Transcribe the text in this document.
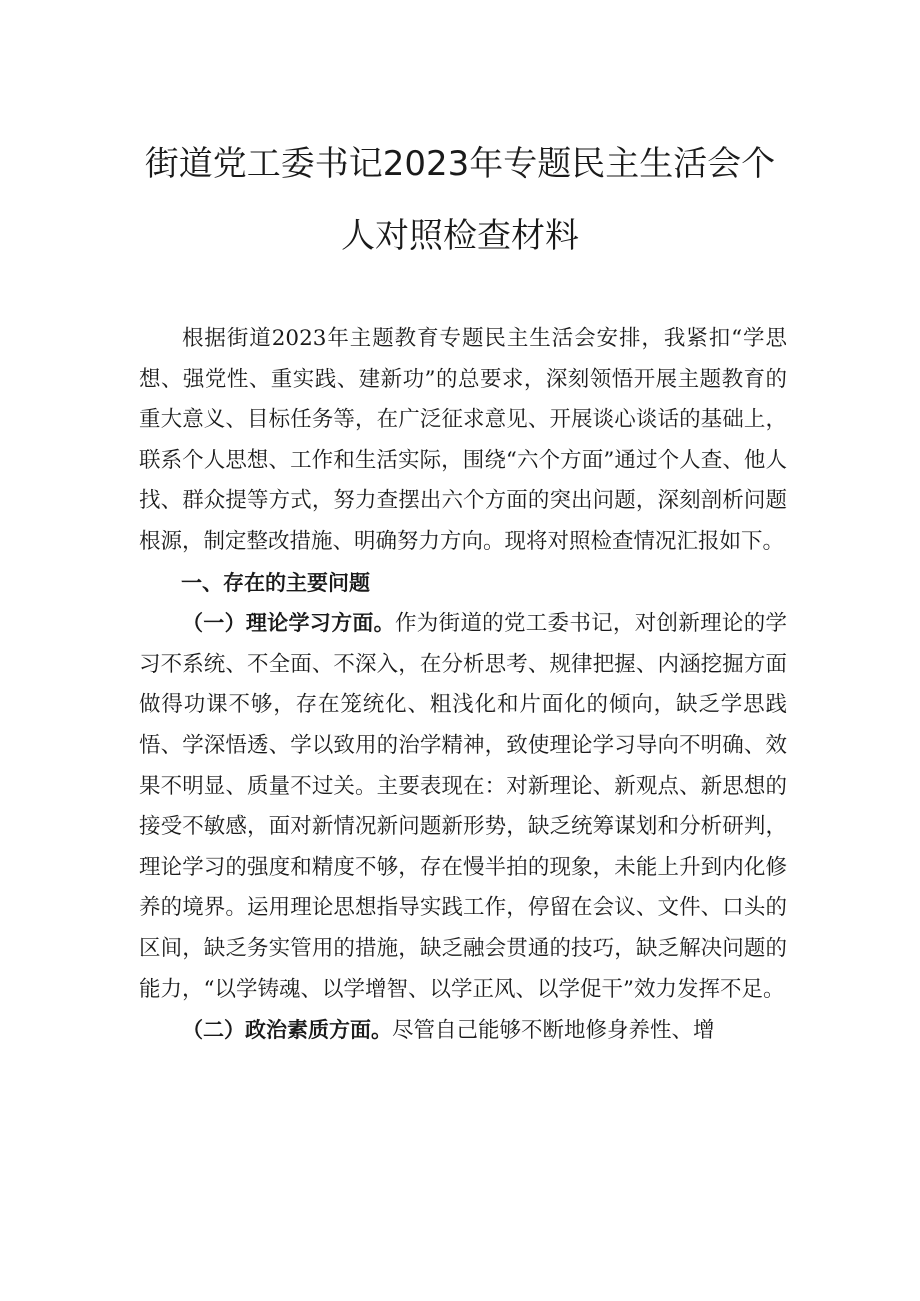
街道党工委书记2023年专题民主生活会个
人对照检查材料

根据街道2023年主题教育专题民主生活会安排，我紧扣“学思想、强党性、重实践、建新功”的总要求，深刻领悟开展主题教育的重大意义、目标任务等，在广泛征求意见、开展谈心谈话的基础上，联系个人思想、工作和生活实际，围绕“六个方面”通过个人查、他人找、群众提等方式，努力查摆出六个方面的突出问题，深刻剖析问题根源，制定整改措施、明确努力方向。现将对照检查情况汇报如下。

一、存在的主要问题

（一）理论学习方面。作为街道的党工委书记，对创新理论的学习不系统、不全面、不深入，在分析思考、规律把握、内涵挖掘方面做得功课不够，存在笼统化、粗浅化和片面化的倾向，缺乏学思践悟、学深悟透、学以致用的治学精神，致使理论学习导向不明确、效果不明显、质量不过关。主要表现在：对新理论、新观点、新思想的接受不敏感，面对新情况新问题新形势，缺乏统筹谋划和分析研判，理论学习的强度和精度不够，存在慢半拍的现象，未能上升到内化修养的境界。运用理论思想指导实践工作，停留在会议、文件、口头的区间，缺乏务实管用的措施，缺乏融会贯通的技巧，缺乏解决问题的能力，“以学铸魂、以学增智、以学正风、以学促干”效力发挥不足。

（二）政治素质方面。尽管自己能够不断地修身养性、增
